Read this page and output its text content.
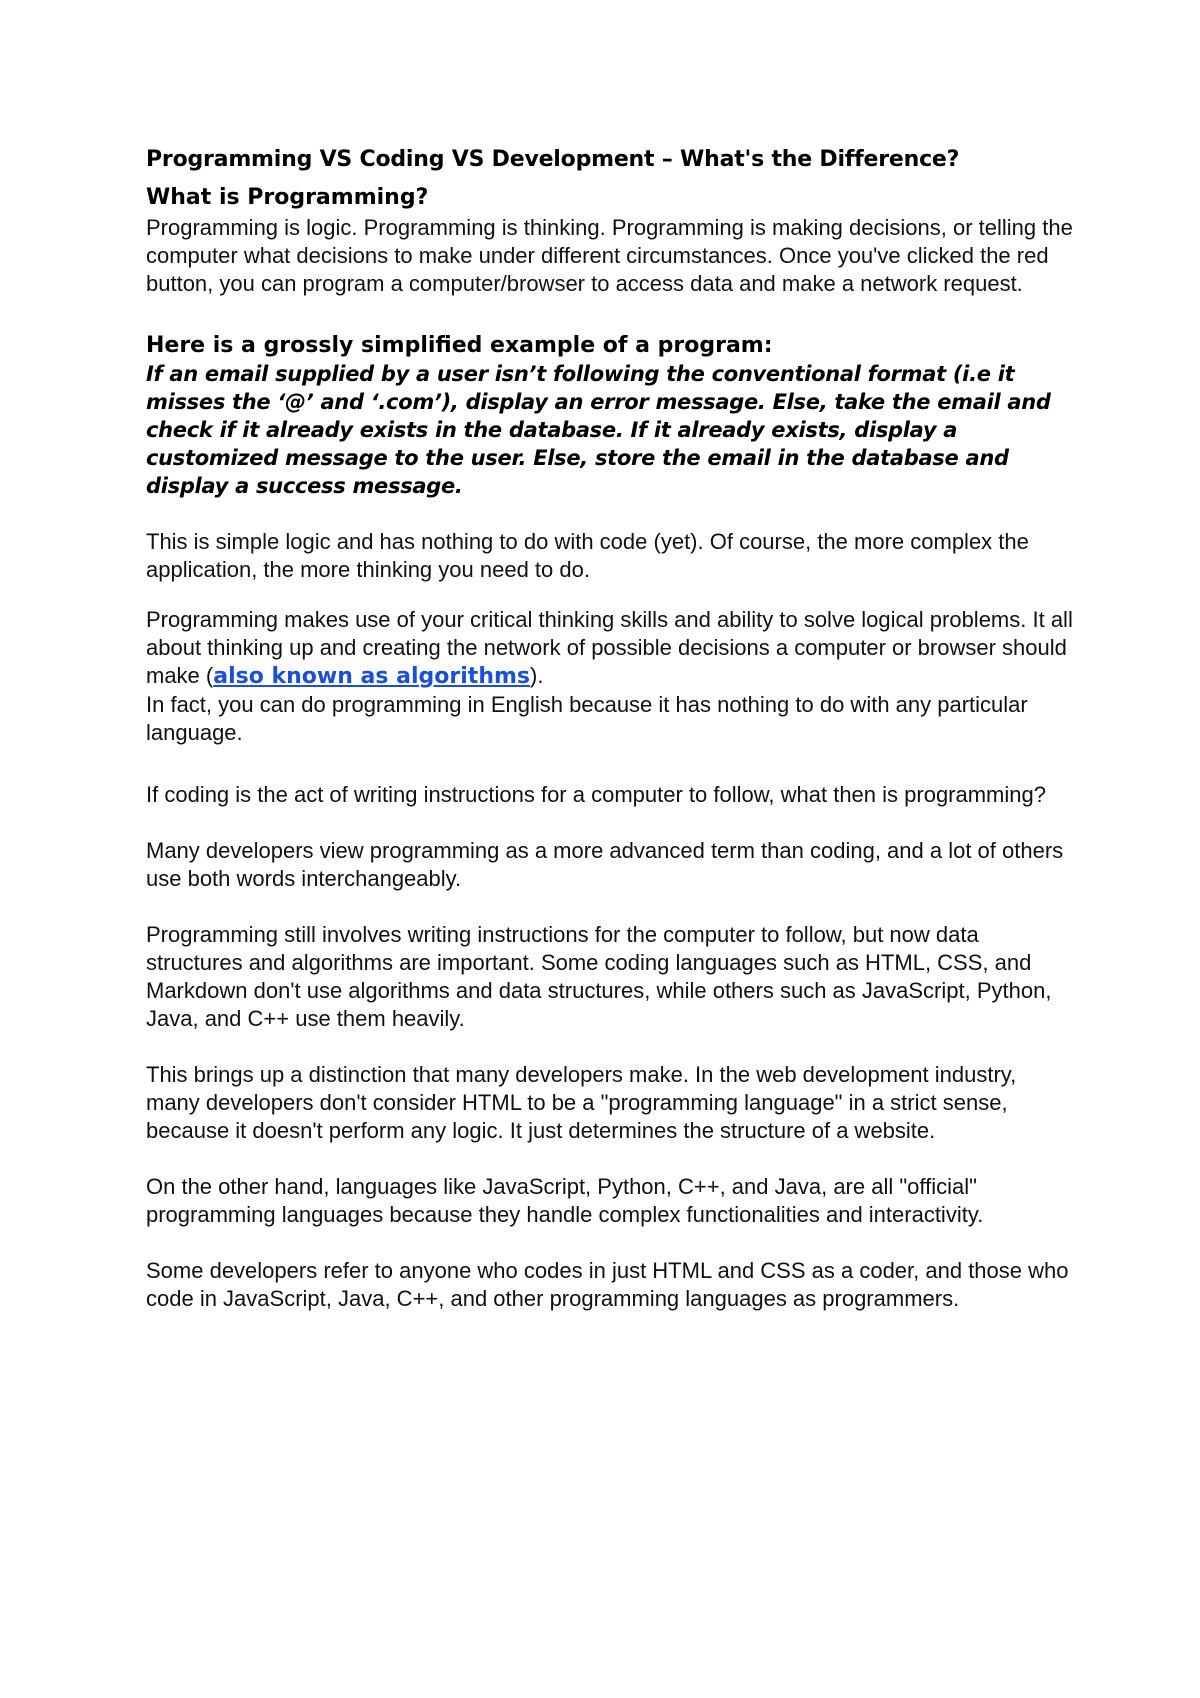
Programming VS Coding VS Development – What's the Difference?
What is Programming?

Programming is logic. Programming is thinking. Programming is making decisions, or telling the computer what decisions to make under different circumstances. Once you've clicked the red button, you can program a computer/browser to access data and make a network request.

Here is a grossly simplified example of a program:

If an email supplied by a user isn’t following the conventional format (i.e it misses the ‘@’ and ‘.com’), display an error message. Else, take the email and check if it already exists in the database. If it already exists, display a customized message to the user. Else, store the email in the database and display a success message.

This is simple logic and has nothing to do with code (yet). Of course, the more complex the application, the more thinking you need to do.

Programming makes use of your critical thinking skills and ability to solve logical problems. It all about thinking up and creating the network of possible decisions a computer or browser should make (also known as algorithms).

In fact, you can do programming in English because it has nothing to do with any particular language.

If coding is the act of writing instructions for a computer to follow, what then is programming?

Many developers view programming as a more advanced term than coding, and a lot of others use both words interchangeably.

Programming still involves writing instructions for the computer to follow, but now data structures and algorithms are important. Some coding languages such as HTML, CSS, and Markdown don't use algorithms and data structures, while others such as JavaScript, Python, Java, and C++ use them heavily.

This brings up a distinction that many developers make. In the web development industry, many developers don't consider HTML to be a "programming language" in a strict sense, because it doesn't perform any logic. It just determines the structure of a website.

On the other hand, languages like JavaScript, Python, C++, and Java, are all "official" programming languages because they handle complex functionalities and interactivity.

Some developers refer to anyone who codes in just HTML and CSS as a coder, and those who code in JavaScript, Java, C++, and other programming languages as programmers.
